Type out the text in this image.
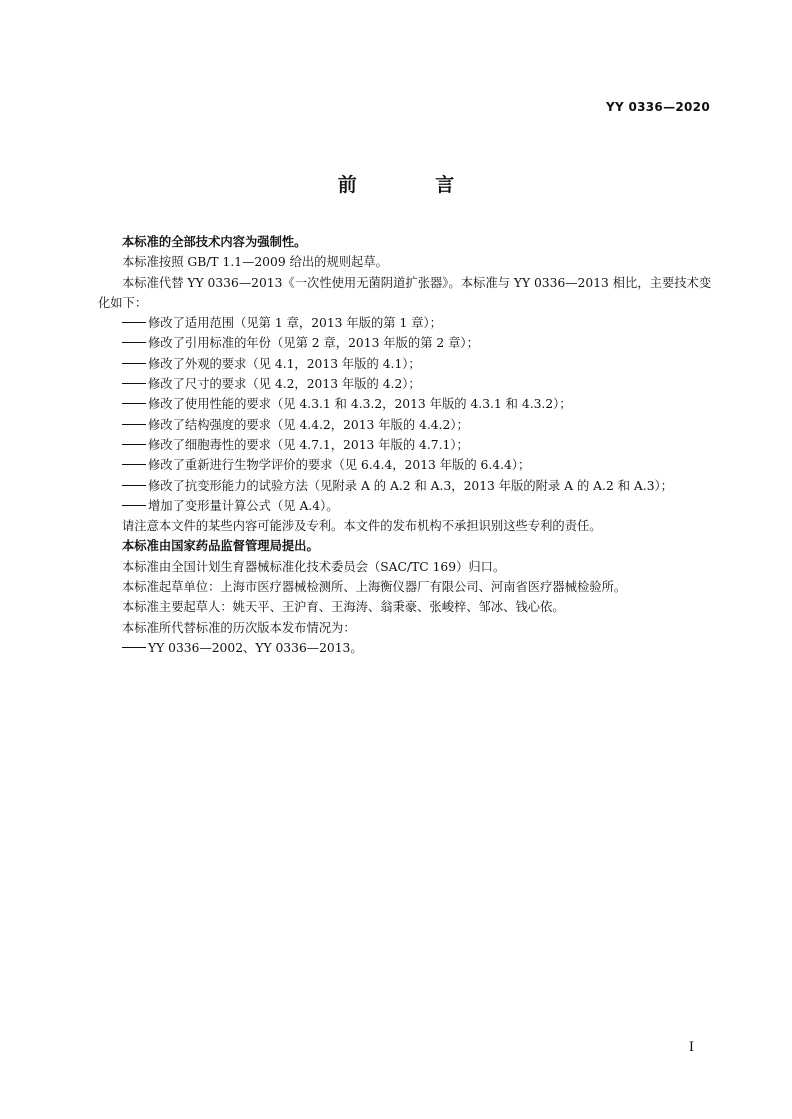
YY 0336—2020
前 言

本标准的全部技术内容为强制性。

本标准按照 GB/T 1.1—2009 给出的规则起草。

本标准代替 YY 0336—2013《一次性使用无菌阴道扩张器》。本标准与 YY 0336—2013 相比，主要技术变化如下：

修改了适用范围（见第 1 章，2013 年版的第 1 章）；
修改了引用标准的年份（见第 2 章，2013 年版的第 2 章）；
修改了外观的要求（见 4.1，2013 年版的 4.1）；
修改了尺寸的要求（见 4.2，2013 年版的 4.2）；
修改了使用性能的要求（见 4.3.1 和 4.3.2，2013 年版的 4.3.1 和 4.3.2）；
修改了结构强度的要求（见 4.4.2，2013 年版的 4.4.2）；
修改了细胞毒性的要求（见 4.7.1，2013 年版的 4.7.1）；
修改了重新进行生物学评价的要求（见 6.4.4，2013 年版的 6.4.4）；
修改了抗变形能力的试验方法（见附录 A 的 A.2 和 A.3，2013 年版的附录 A 的 A.2 和 A.3）；
增加了变形量计算公式（见 A.4）。

请注意本文件的某些内容可能涉及专利。本文件的发布机构不承担识别这些专利的责任。

本标准由国家药品监督管理局提出。

本标准由全国计划生育器械标准化技术委员会（SAC/TC 169）归口。

本标准起草单位：上海市医疗器械检测所、上海衡仪器厂有限公司、河南省医疗器械检验所。

本标准主要起草人：姚天平、王沪育、王海涛、翁秉豪、张峻梓、邹冰、钱心依。

本标准所代替标准的历次版本发布情况为：

YY 0336—2002、YY 0336—2013。
I
